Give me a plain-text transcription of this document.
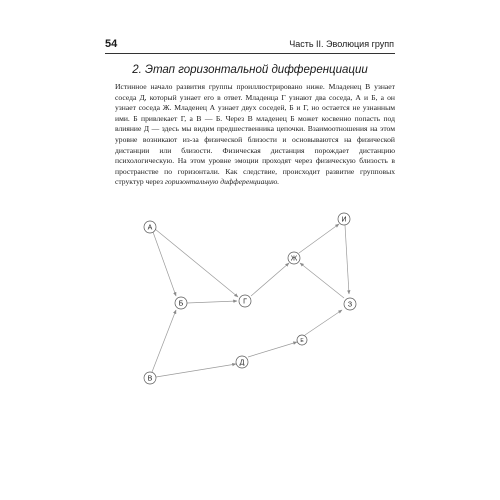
54	Часть II. Эволюция групп
2. Этап горизонтальной дифференциации

Истинное начало развития группы проиллюстрировано ниже. Младенец В узнает соседа Д, который узнает его в ответ. Младенца Г узнают два соседа, А и Б, а он узнает соседа Ж. Младенец А узнает двух соседей, Б и Г, но остается не узнанным ими. Б привлекает Г, а В — Б. Через В младенец Б может косвенно попасть под влияние Д — здесь мы видим предшественника цепочки. Взаимоотношения на этом уровне возникают из-за физической близости и основываются на физической дистанции или близости. Физическая дистанция порождает дистанцию психологическую. На этом уровне эмоции проходят через физическую близость в пространстве по горизонтали. Как следствие, происходит развитие групповых структур через горизонтальную дифференциацию.

А
Б	Г
Ж
И
З
Е
Д
В
